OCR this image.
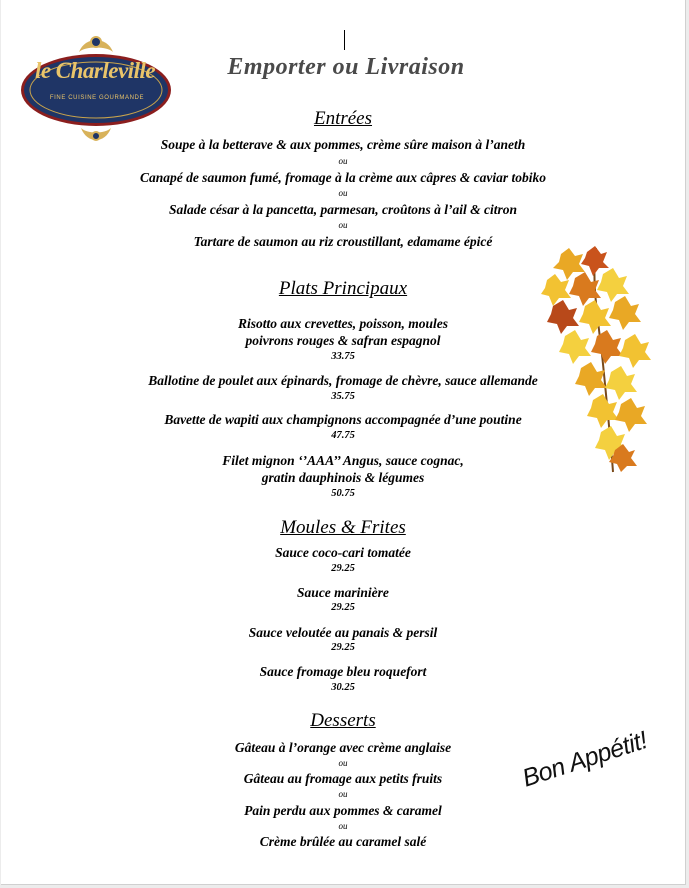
le Charleville
FINE CUISINE GOURMANDE
Emporter ou Livraison
Entrées
Soupe à la betterave & aux pommes, crème sûre maison à l’aneth
ou
Canapé de saumon fumé, fromage à la crème aux câpres & caviar tobiko
ou
Salade césar à la pancetta, parmesan, croûtons à l’ail & citron
ou
Tartare de saumon au riz croustillant, edamame épicé
Plats Principaux
Risotto aux crevettes, poisson, moules
poivrons rouges & safran espagnol
33.75
Ballotine de poulet aux épinards, fromage de chèvre, sauce allemande
35.75
Bavette de wapiti aux champignons accompagnée d’une poutine
47.75
Filet mignon ‘’AAA’’ Angus, sauce cognac,
gratin dauphinois & légumes
50.75
Moules & Frites
Sauce coco-cari tomatée
29.25
Sauce marinière
29.25
Sauce veloutée au panais & persil
29.25
Sauce fromage bleu roquefort
30.25
Desserts
Gâteau à l’orange avec crème anglaise
ou
Gâteau au fromage aux petits fruits
ou
Pain perdu aux pommes & caramel
ou
Crème brûlée au caramel salé
Bon Appétit!
